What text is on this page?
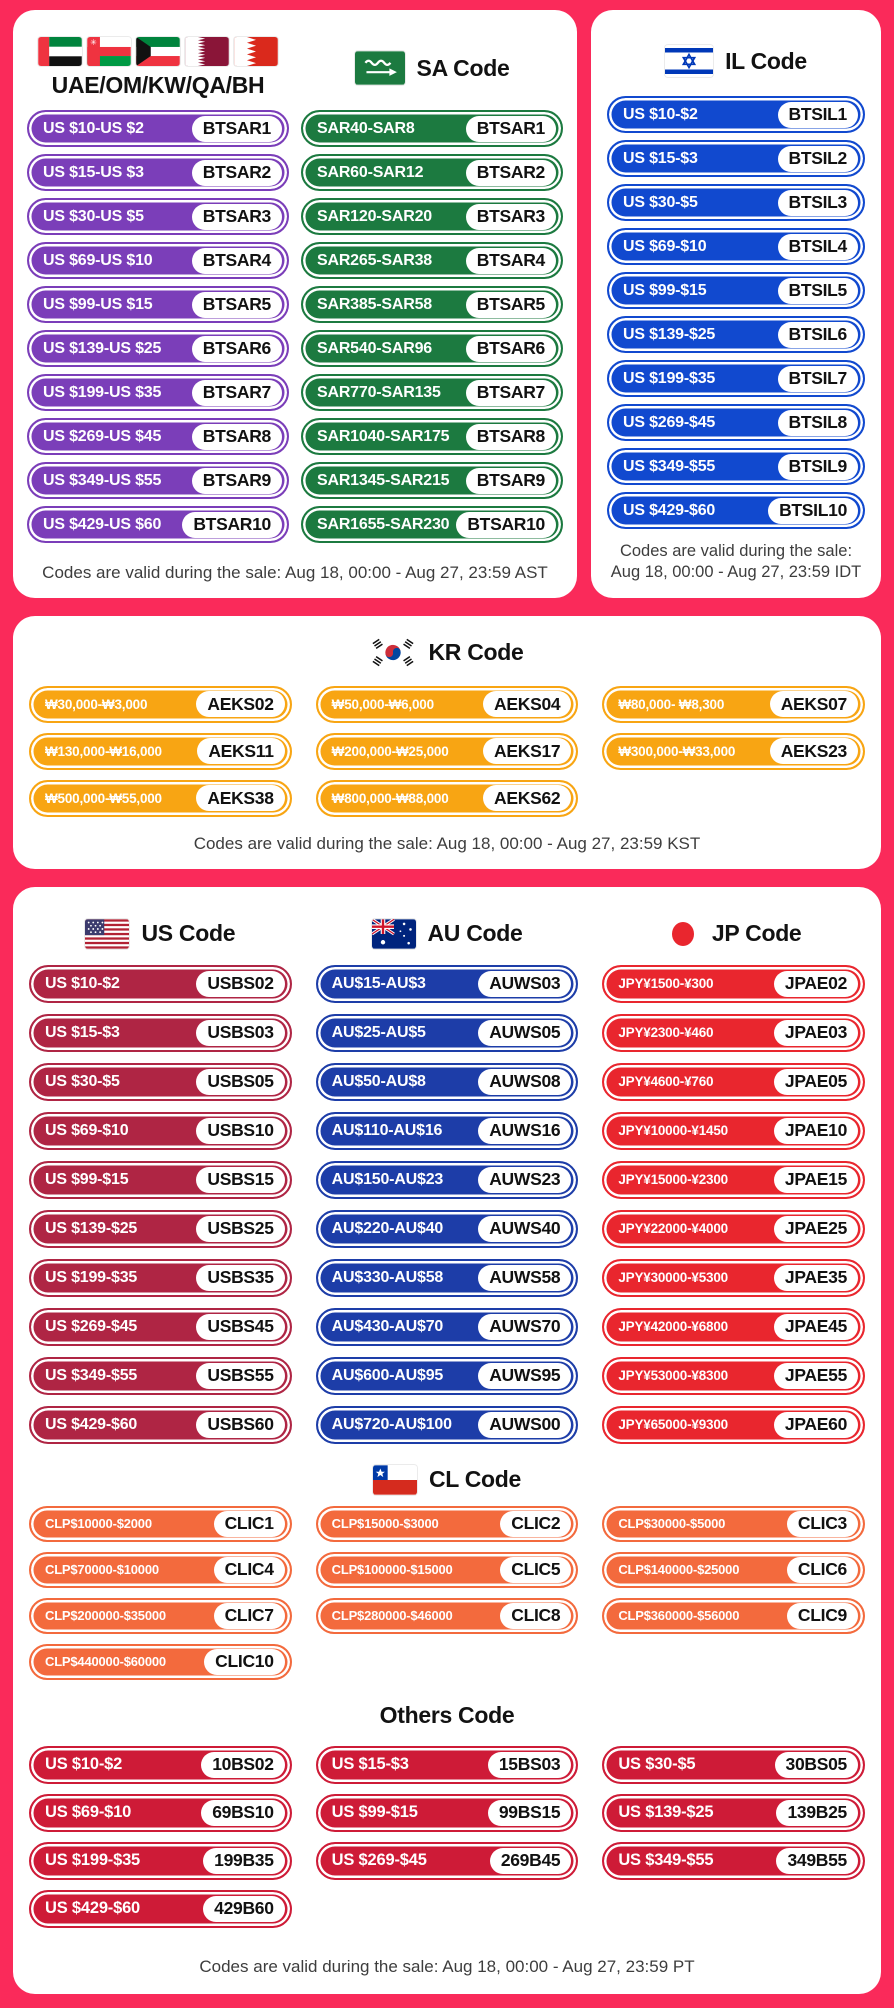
✳
UAE/OM/KW/QA/BH
US $10-US $2	BTSAR1
US $15-US $3	BTSAR2
US $30-US $5	BTSAR3
US $69-US $10	BTSAR4
US $99-US $15	BTSAR5
US $139-US $25	BTSAR6
US $199-US $35	BTSAR7
US $269-US $45	BTSAR8
US $349-US $55	BTSAR9
US $429-US $60	BTSAR10
SA Code
SAR40-SAR8	BTSAR1
SAR60-SAR12	BTSAR2
SAR120-SAR20	BTSAR3
SAR265-SAR38	BTSAR4
SAR385-SAR58	BTSAR5
SAR540-SAR96	BTSAR6
SAR770-SAR135	BTSAR7
SAR1040-SAR175	BTSAR8
SAR1345-SAR215	BTSAR9
SAR1655-SAR230	BTSAR10
Codes are valid during the sale: Aug 18, 00:00 - Aug 27, 23:59 AST
IL Code
US $10-$2	BTSIL1
US $15-$3	BTSIL2
US $30-$5	BTSIL3
US $69-$10	BTSIL4
US $99-$15	BTSIL5
US $139-$25	BTSIL6
US $199-$35	BTSIL7
US $269-$45	BTSIL8
US $349-$55	BTSIL9
US $429-$60	BTSIL10
Codes are valid during the sale:
Aug 18, 00:00 - Aug 27, 23:59 IDT
KR Code
₩30,000-₩3,000	AEKS02	₩50,000-₩6,000	AEKS04	₩80,000- ₩8,300	AEKS07
₩130,000-₩16,000	AEKS11	₩200,000-₩25,000	AEKS17	₩300,000-₩33,000	AEKS23
₩500,000-₩55,000	AEKS38	₩800,000-₩88,000	AEKS62
Codes are valid during the sale: Aug 18, 00:00 - Aug 27, 23:59 KST
US Code
US $10-$2	USBS02
US $15-$3	USBS03
US $30-$5	USBS05
US $69-$10	USBS10
US $99-$15	USBS15
US $139-$25	USBS25
US $199-$35	USBS35
US $269-$45	USBS45
US $349-$55	USBS55
US $429-$60	USBS60
AU Code
AU$15-AU$3	AUWS03
AU$25-AU$5	AUWS05
AU$50-AU$8	AUWS08
AU$110-AU$16	AUWS16
AU$150-AU$23	AUWS23
AU$220-AU$40	AUWS40
AU$330-AU$58	AUWS58
AU$430-AU$70	AUWS70
AU$600-AU$95	AUWS95
AU$720-AU$100	AUWS00
JP Code
JPY¥1500-¥300	JPAE02
JPY¥2300-¥460	JPAE03
JPY¥4600-¥760	JPAE05
JPY¥10000-¥1450	JPAE10
JPY¥15000-¥2300	JPAE15
JPY¥22000-¥4000	JPAE25
JPY¥30000-¥5300	JPAE35
JPY¥42000-¥6800	JPAE45
JPY¥53000-¥8300	JPAE55
JPY¥65000-¥9300	JPAE60
CL Code
CLP$10000-$2000	CLIC1	CLP$15000-$3000	CLIC2	CLP$30000-$5000	CLIC3
CLP$70000-$10000	CLIC4	CLP$100000-$15000	CLIC5	CLP$140000-$25000	CLIC6
CLP$200000-$35000	CLIC7	CLP$280000-$46000	CLIC8	CLP$360000-$56000	CLIC9
CLP$440000-$60000	CLIC10
Others Code
US $10-$2	10BS02	US $15-$3	15BS03	US $30-$5	30BS05
US $69-$10	69BS10	US $99-$15	99BS15	US $139-$25	139B25
US $199-$35	199B35	US $269-$45	269B45	US $349-$55	349B55
US $429-$60	429B60
Codes are valid during the sale: Aug 18, 00:00 - Aug 27, 23:59 PT
